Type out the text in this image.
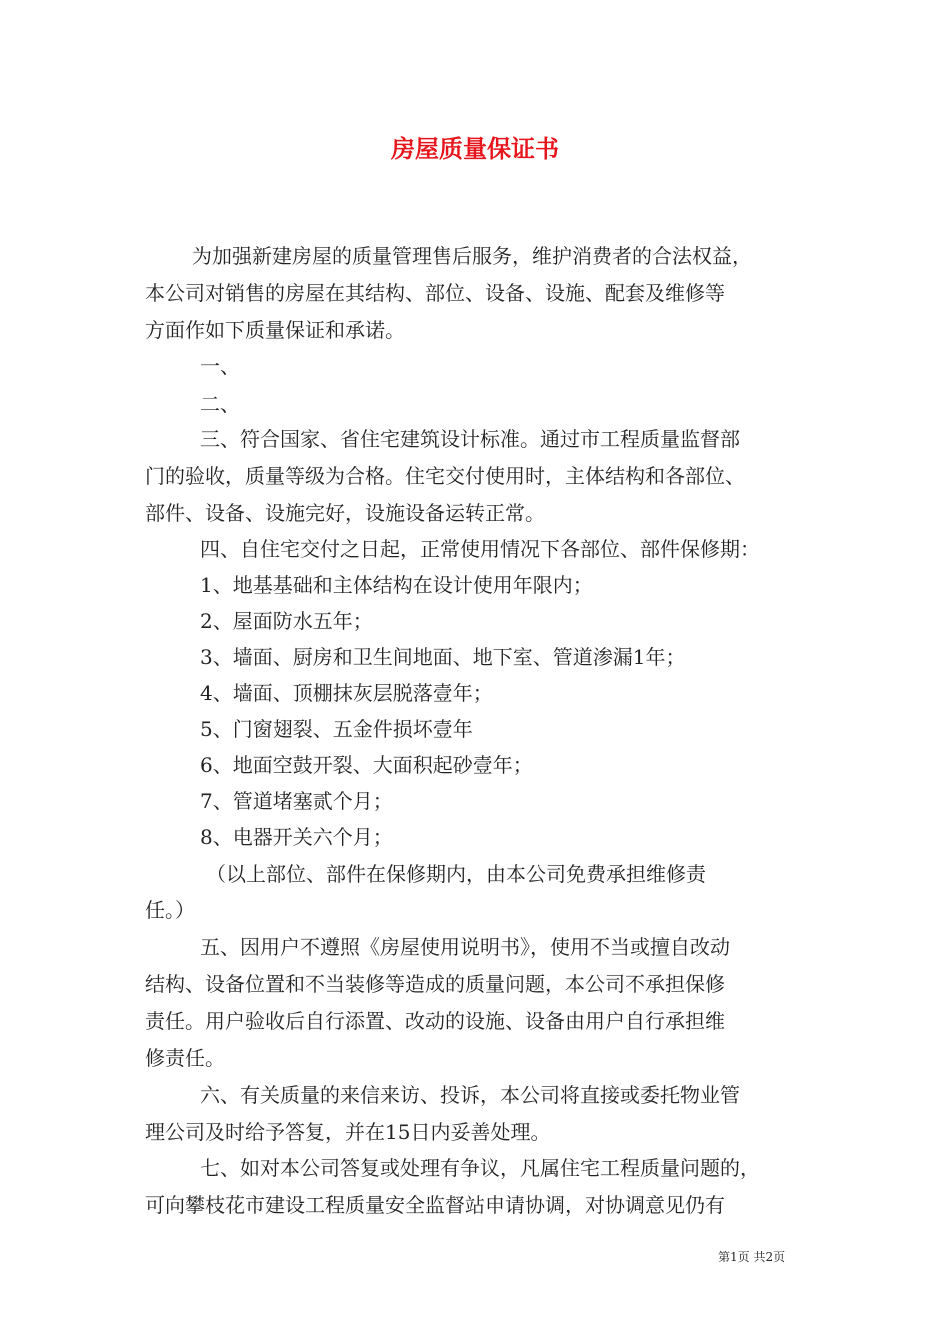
房屋质量保证书
为加强新建房屋的质量管理售后服务，维护消费者的合法权益，
本公司对销售的房屋在其结构、部位、设备、设施、配套及维修等
方面作如下质量保证和承诺。
一、
二、
三、符合国家、省住宅建筑设计标准。通过市工程质量监督部
门的验收，质量等级为合格。住宅交付使用时，主体结构和各部位、
部件、设备、设施完好，设施设备运转正常。
四、自住宅交付之日起，正常使用情况下各部位、部件保修期：
1、地基基础和主体结构在设计使用年限内；
2、屋面防水五年；
3、墙面、厨房和卫生间地面、地下室、管道渗漏1年；
4、墙面、顶棚抹灰层脱落壹年；
5、门窗翅裂、五金件损坏壹年
6、地面空鼓开裂、大面积起砂壹年；
7、管道堵塞贰个月；
8、电器开关六个月；
（以上部位、部件在保修期内，由本公司免费承担维修责
任。）
五、因用户不遵照《房屋使用说明书》，使用不当或擅自改动
结构、设备位置和不当装修等造成的质量问题，本公司不承担保修
责任。用户验收后自行添置、改动的设施、设备由用户自行承担维
修责任。
六、有关质量的来信来访、投诉，本公司将直接或委托物业管
理公司及时给予答复，并在15日内妥善处理。
七、如对本公司答复或处理有争议，凡属住宅工程质量问题的，
可向攀枝花市建设工程质量安全监督站申请协调，对协调意见仍有
第1页 共2页
